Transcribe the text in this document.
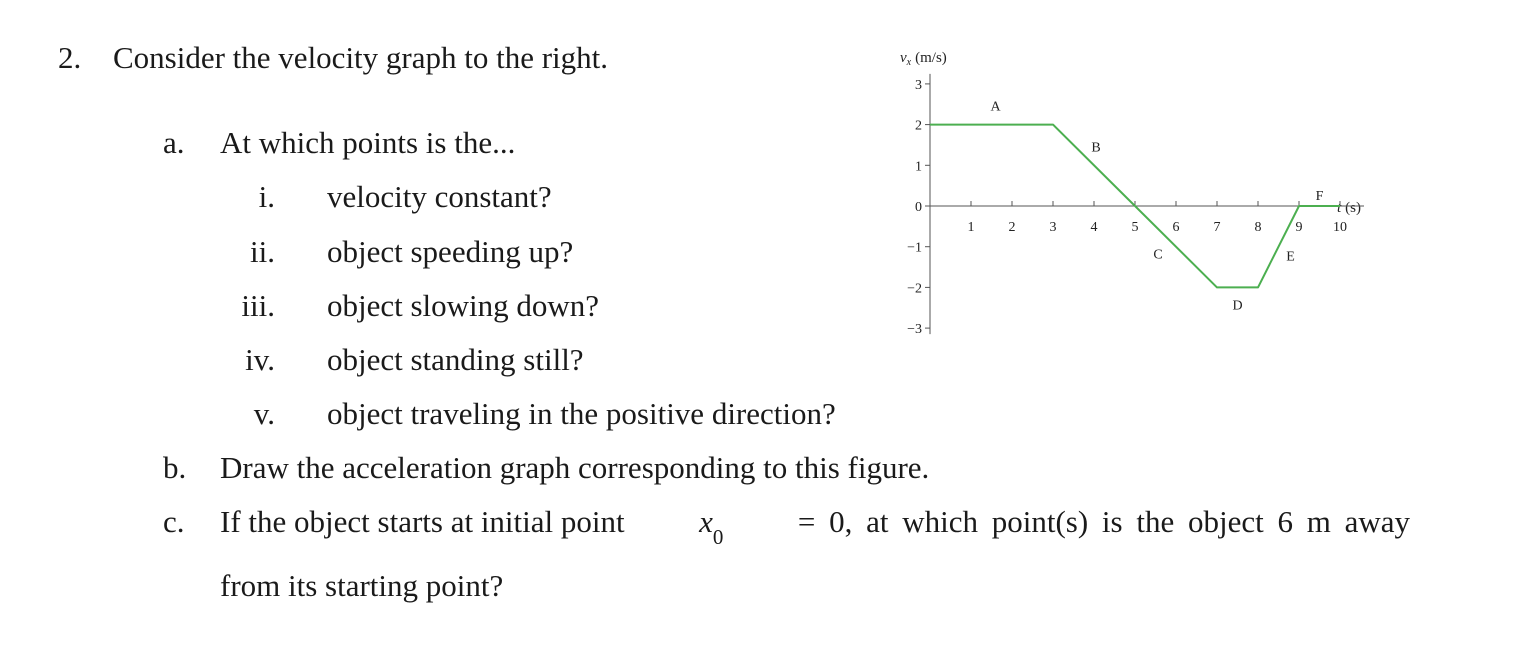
2. Consider the velocity graph to the right.
a. At which points is the...
i. velocity constant?
ii. object speeding up?
iii. object slowing down?
iv. object standing still?
v. object traveling in the positive direction?
b. Draw the acceleration graph corresponding to this figure.
c. If the object starts at initial point $x_0 = 0$, at which point(s) is the object 6 m away
from its starting point?
$v_x$ (m/s)
t (s)
3
2
1
0
−1
−2
−3
1 2 3 4 5 6 7 8 9 10
A
B
C
D
E
F
